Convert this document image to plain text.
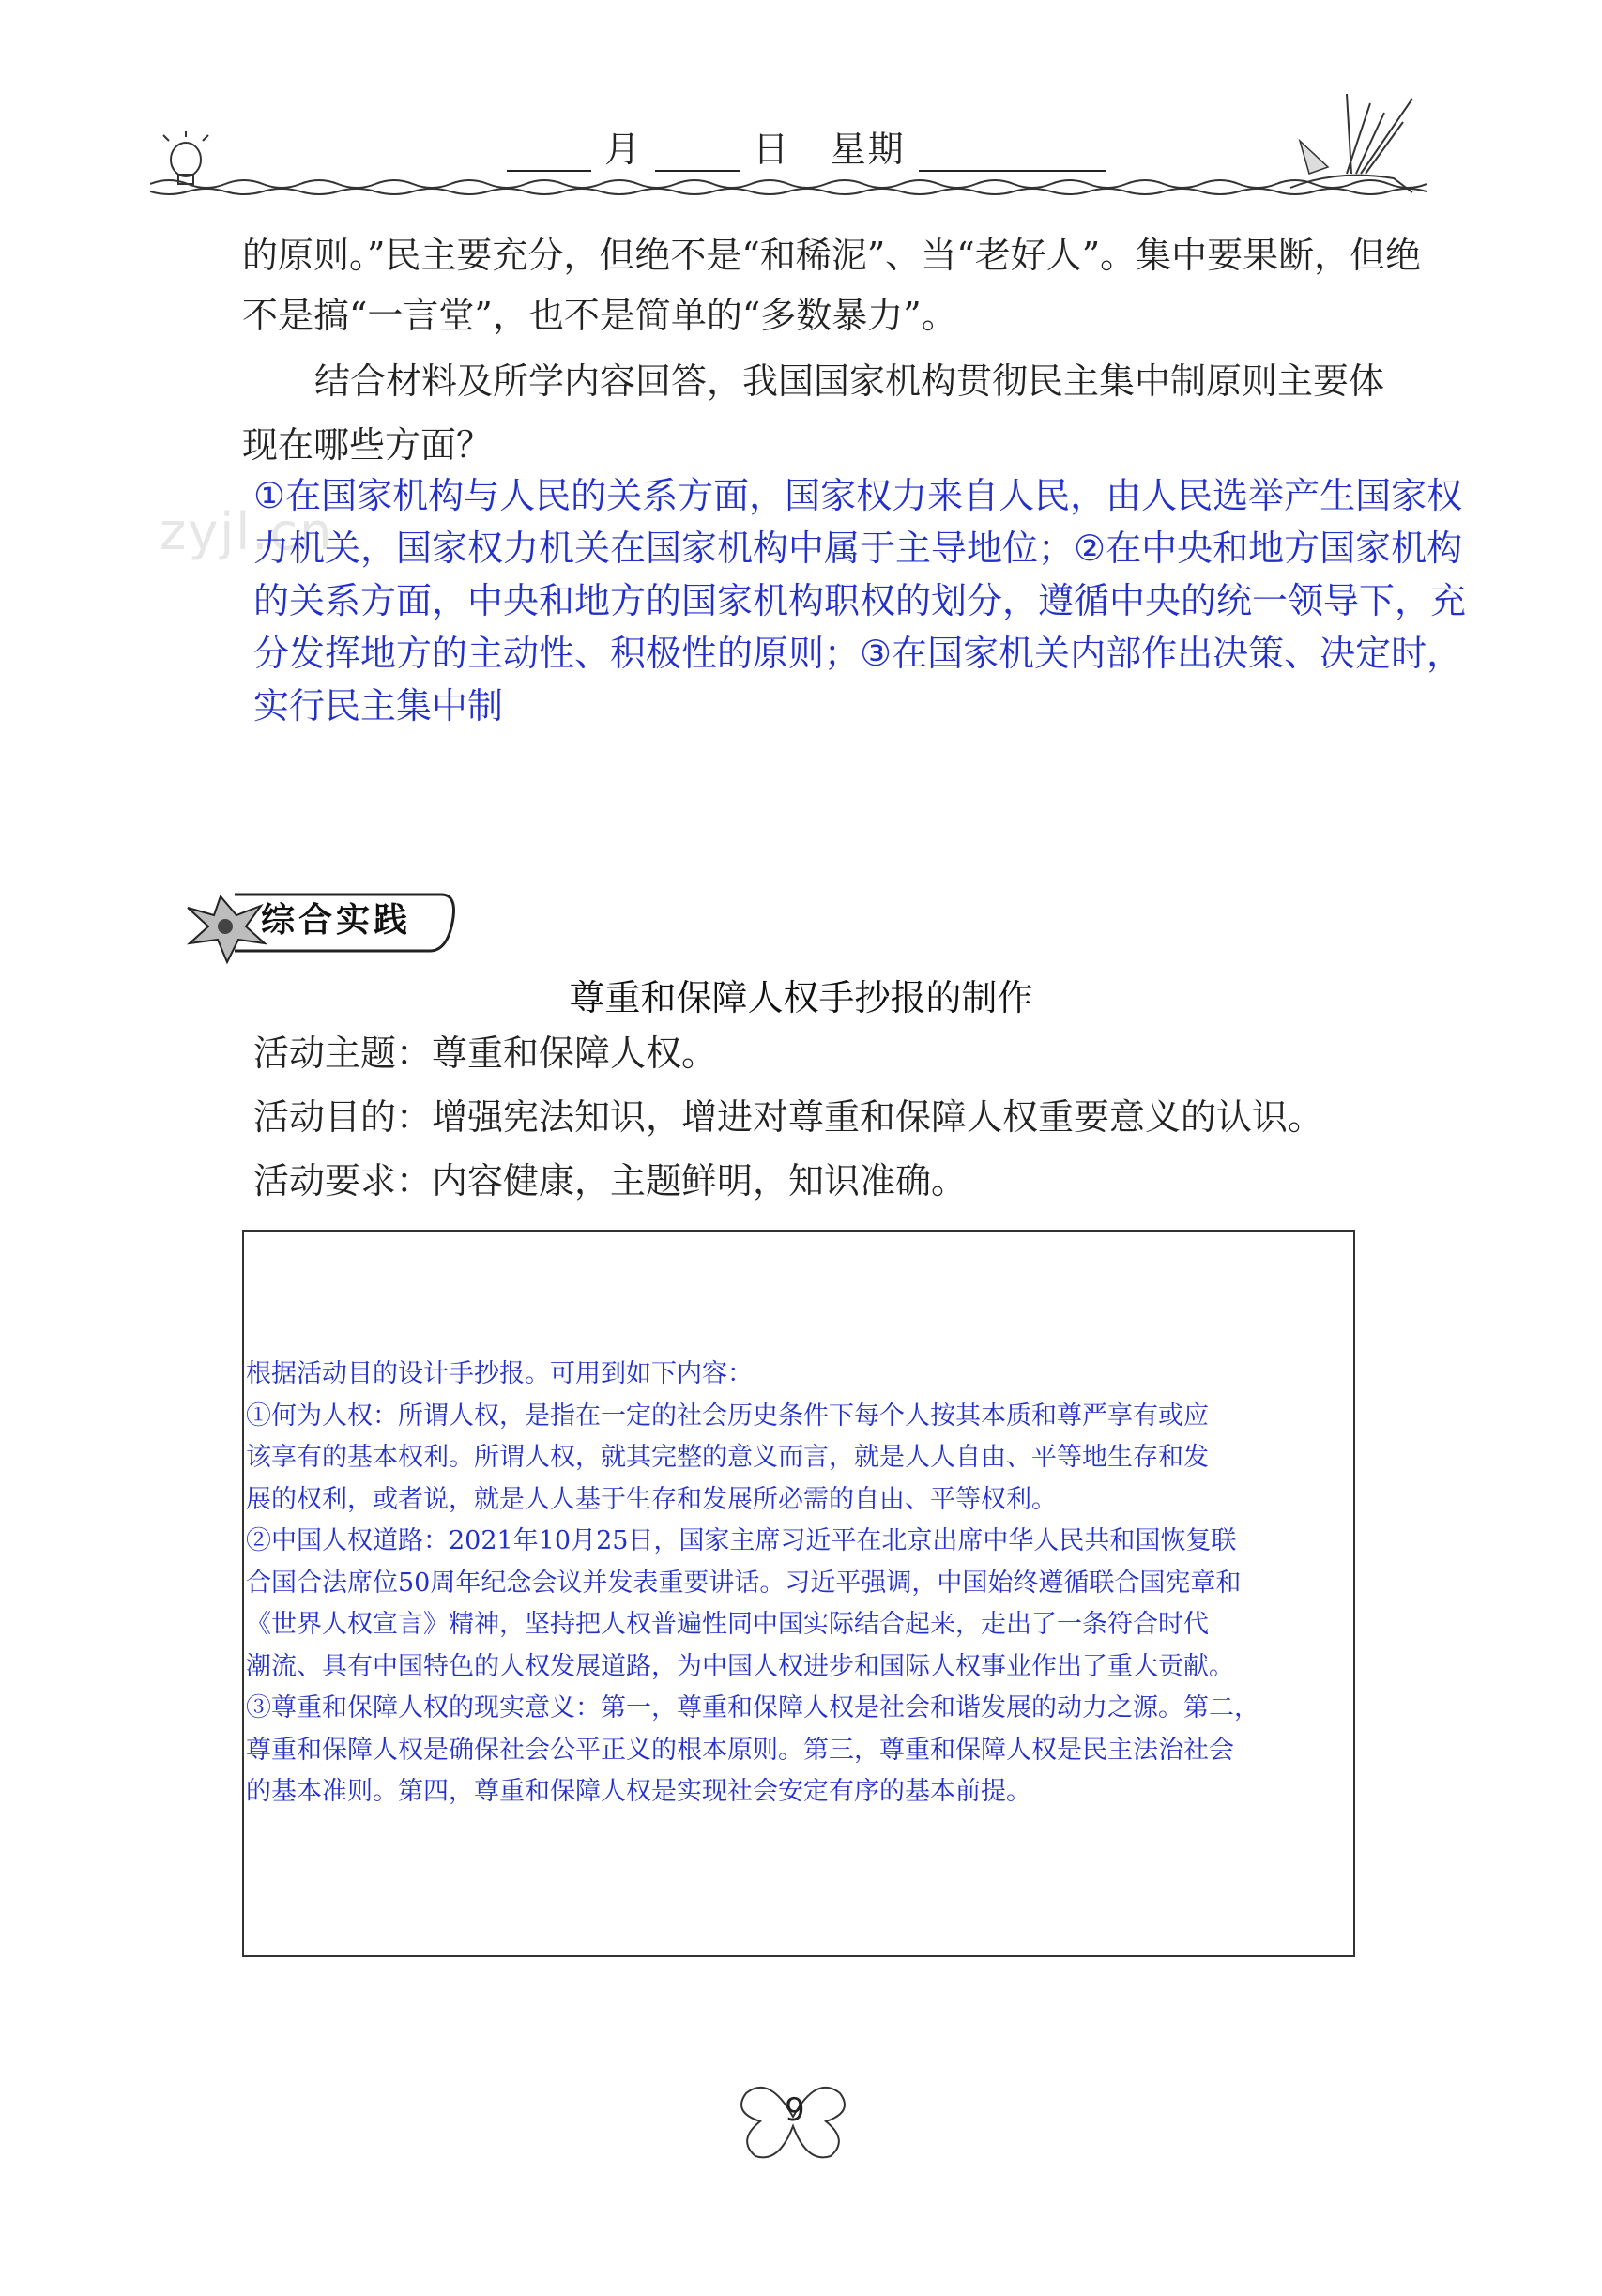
zyjl.cn
月	日 星期
的原则。”民主要充分，但绝不是“和稀泥”、当“老好人”。集中要果断，但绝
不是搞“一言堂”，也不是简单的“多数暴力”。
结合材料及所学内容回答，我国国家机构贯彻民主集中制原则主要体
现在哪些方面？
①在国家机构与人民的关系方面，国家权力来自人民，由人民选举产生国家权
力机关，国家权力机关在国家机构中属于主导地位；②在中央和地方国家机构
的关系方面，中央和地方的国家机构职权的划分，遵循中央的统一领导下，充
分发挥地方的主动性、积极性的原则；③在国家机关内部作出决策、决定时，
实行民主集中制
综合实践
尊重和保障人权手抄报的制作
活动主题：尊重和保障人权。
活动目的：增强宪法知识，增进对尊重和保障人权重要意义的认识。
活动要求：内容健康，主题鲜明，知识准确。
根据活动目的设计手抄报。可用到如下内容：
①何为人权：所谓人权，是指在一定的社会历史条件下每个人按其本质和尊严享有或应
该享有的基本权利。所谓人权，就其完整的意义而言，就是人人自由、平等地生存和发
展的权利，或者说，就是人人基于生存和发展所必需的自由、平等权利。
②中国人权道路：2021年10月25日，国家主席习近平在北京出席中华人民共和国恢复联
合国合法席位50周年纪念会议并发表重要讲话。习近平强调，中国始终遵循联合国宪章和
《世界人权宣言》精神，坚持把人权普遍性同中国实际结合起来，走出了一条符合时代
潮流、具有中国特色的人权发展道路，为中国人权进步和国际人权事业作出了重大贡献。
③尊重和保障人权的现实意义：第一，尊重和保障人权是社会和谐发展的动力之源。第二，
尊重和保障人权是确保社会公平正义的根本原则。第三，尊重和保障人权是民主法治社会
的基本准则。第四，尊重和保障人权是实现社会安定有序的基本前提。
9
